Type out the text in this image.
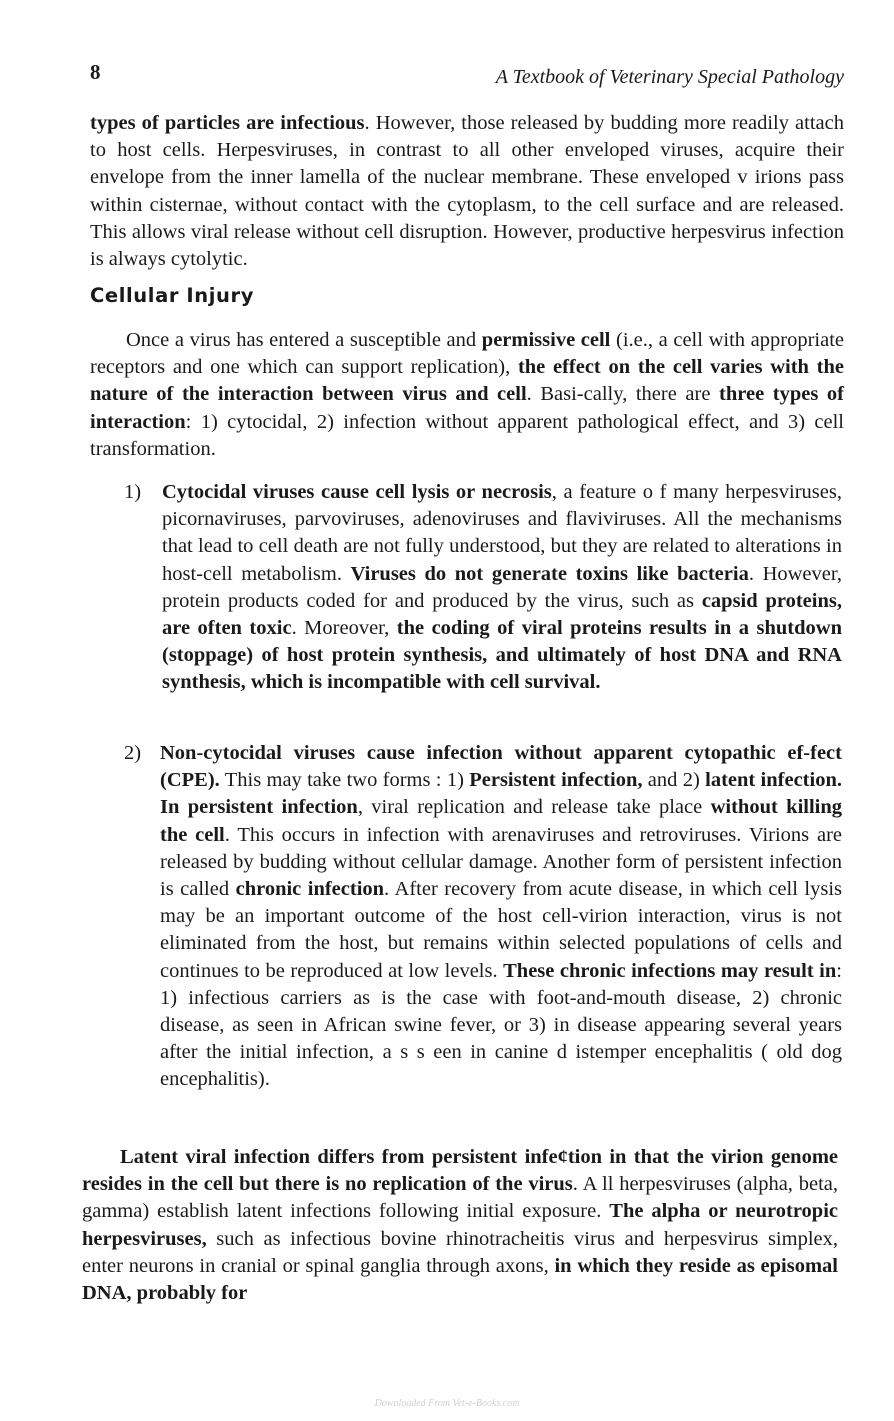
8	A Textbook of Veterinary Special Pathology

types of particles are infectious. However, those released by budding more readily attach to host cells. Herpesviruses, in contrast to all other enveloped viruses, acquire their envelope from the inner lamella of the nuclear membrane. These enveloped v irions pass within cisternae, without contact with the cytoplasm, to the cell surface and are released. This allows viral release without cell disruption. However, productive herpesvirus infection is always cytolytic.

Cellular Injury

Once a virus has entered a susceptible and permissive cell (i.e., a cell with appropriate receptors and one which can support replication), the effect on the cell varies with the nature of the interaction between virus and cell. Basi-cally, there are three types of interaction: 1) cytocidal, 2) infection without apparent pathological effect, and 3) cell transformation.

1) Cytocidal viruses cause cell lysis or necrosis, a feature o f many herpesviruses, picornaviruses, parvoviruses, adenoviruses and flaviviruses. All the mechanisms that lead to cell death are not fully understood, but they are related to alterations in host-cell metabolism. Viruses do not generate toxins like bacteria. However, protein products coded for and produced by the virus, such as capsid proteins, are often toxic. Moreover, the coding of viral proteins results in a shutdown (stoppage) of host protein synthesis, and ultimately of host DNA and RNA synthesis, which is incompatible with cell survival.

2) Non-cytocidal viruses cause infection without apparent cytopathic ef-fect (CPE). This may take two forms : 1) Persistent infection, and 2) latent infection. In persistent infection, viral replication and release take place without killing the cell. This occurs in infection with arenaviruses and retroviruses. Virions are released by budding without cellular damage. Another form of persistent infection is called chronic infection. After recovery from acute disease, in which cell lysis may be an important outcome of the host cell-virion interaction, virus is not eliminated from the host, but remains within selected populations of cells and continues to be reproduced at low levels. These chronic infections may result in: 1) infectious carriers as is the case with foot-and-mouth disease, 2) chronic disease, as seen in African swine fever, or 3) in disease appearing several years after the initial infection, a s s een in canine d istemper encephalitis ( old dog encephalitis).

Latent viral infection differs from persistent infe¢tion in that the virion genome resides in the cell but there is no replication of the virus. A ll herpesviruses (alpha, beta, gamma) establish latent infections following initial exposure. The alpha or neurotropic herpesviruses, such as infectious bovine rhinotracheitis virus and herpesvirus simplex, enter neurons in cranial or spinal ganglia through axons, in which they reside as episomal DNA, probably for

Downloaded From Vet-e-Books.com
